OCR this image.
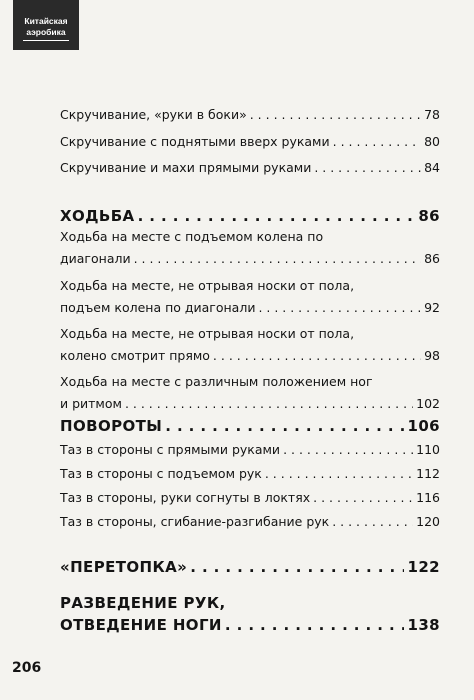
Китайская
аэробика
Скручивание, «руки в боки» . . .	78
Скручивание с поднятыми вверх руками . . .	80
Скручивание и махи прямыми руками . . .	84
ХОДЬБА . . .	86
Ходьба на месте с подъемом колена по
диагонали . . .	86
Ходьба на месте, не отрывая носки от пола,
подъем колена по диагонали . . .	92
Ходьба на месте, не отрывая носки от пола,
колено смотрит прямо . . .	98
Ходьба на месте с различным положением ног
и ритмом . . .	102
ПОВОРОТЫ . . .	106
Таз в стороны с прямыми руками . . .	110
Таз в стороны с подъемом рук . . .	112
Таз в стороны, руки согнуты в локтях . . .	116
Таз в стороны, сгибание-разгибание рук . . .	120
«ПЕРЕТОПКА» . . .	122
РАЗВЕДЕНИЕ РУК,
ОТВЕДЕНИЕ НОГИ . . .	138
206
